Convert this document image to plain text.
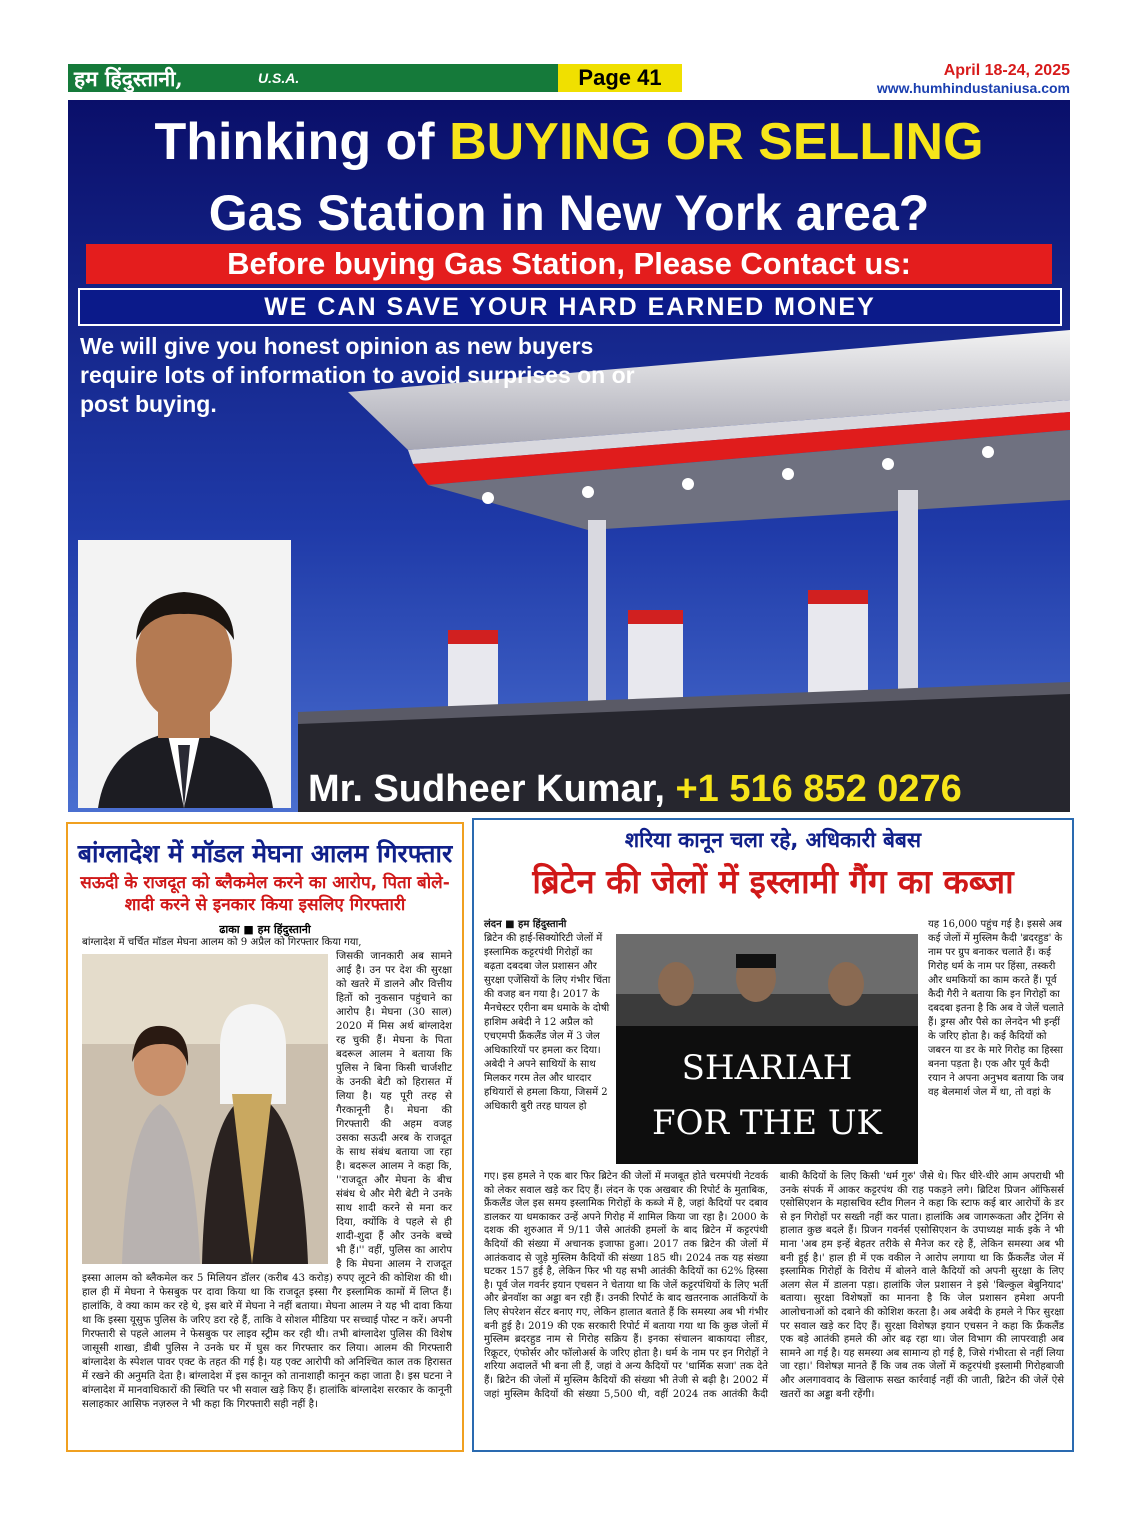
हम हिंदुस्तानी,	U.S.A.	Page 41	April 18-24, 2025
www.humhindustaniusa.com
Thinking of BUYING OR SELLING
Gas Station in New York area?
Before buying Gas Station, Please Contact us:
WE CAN SAVE YOUR HARD EARNED MONEY
We will give you honest opinion as new buyers require lots of information to avoid surprises on or post buying.
Mr. Sudheer Kumar, +1 516 852 0276
बांग्लादेश में मॉडल मेघना आलम गिरफ्तार
सऊदी के राजदूत को ब्लैकमेल करने का आरोप, पिता बोले- शादी करने से इनकार किया इसलिए गिरफ्तारी
ढाका ■ हम हिंदुस्तानी
बांग्लादेश में चर्चित मॉडल मेघना आलम को 9 अप्रैल को गिरफ्तार किया गया,
जिसकी जानकारी अब सामने आई है। उन पर देश की सुरक्षा को खतरे में डालने और वित्तीय हितों को नुकसान पहुंचाने का आरोप है। मेघना (30 साल) 2020 में मिस अर्थ बांग्लादेश रह चुकी हैं। मेघना के पिता बदरूल आलम ने बताया कि पुलिस ने बिना किसी चार्जशीट के उनकी बेटी को हिरासत में लिया है। यह पूरी तरह से गैरकानूनी है। मेघना की गिरफ्तारी की अहम वजह उसका सऊदी अरब के राजदूत के साथ संबंध बताया जा रहा है। बदरूल आलम ने कहा कि, ''राजदूत और मेघना के बीच संबंध थे और मेरी बेटी ने उनके साथ शादी करने से मना कर दिया, क्योंकि वे पहले से ही शादी-शुदा हैं और उनके बच्चे भी हैं।'' वहीं, पुलिस का आरोप है कि मेघना आलम ने राजदूत इस्सा आलम को ब्लैकमेल कर 5 मिलियन डॉलर (करीब 43 करोड़) रुपए लूटने की कोशिश की थी। हाल ही में मेघना ने फेसबुक पर दावा किया था कि राजदूत इस्सा गैर इस्लामिक कामों में लिप्त हैं। हालांकि, वे क्या काम कर रहे थे, इस बारे में मेघना ने नहीं बताया। मेघना आलम ने यह भी दावा किया था कि इस्सा यूसुफ पुलिस के जरिए डरा रहे हैं, ताकि वे सोशल मीडिया पर सच्चाई पोस्ट न करें। अपनी गिरफ्तारी से पहले आलम ने फेसबुक पर लाइव स्ट्रीम कर रही थी। तभी बांग्लादेश पुलिस की विशेष जासूसी शाखा, डीबी पुलिस ने उनके घर में घुस कर गिरफ्तार कर लिया। आलम की गिरफ्तारी बांग्लादेश के स्पेशल पावर एक्ट के तहत की गई है। यह एक्ट आरोपी को अनिश्चित काल तक हिरासत में रखने की अनुमति देता है। बांग्लादेश में इस कानून को तानाशाही कानून कहा जाता है। इस घटना ने बांग्लादेश में मानवाधिकारों की स्थिति पर भी सवाल खड़े किए हैं। हालांकि बांग्लादेश सरकार के कानूनी सलाहकार आसिफ नज़रुल ने भी कहा कि गिरफ्तारी सही नहीं है।
शरिया कानून चला रहे, अधिकारी बेबस
ब्रिटेन की जेलों में इस्लामी गैंग का कब्जा
लंदन ■ हम हिंदुस्तानी
ब्रिटेन की हाई-सिक्योरिटी जेलों में इस्लामिक कट्टरपंथी गिरोहों का बढ़ता दबदबा जेल प्रशासन और सुरक्षा एजेंसियों के लिए गंभीर चिंता की वजह बन गया है। 2017 के मैनचेस्टर एरीना बम धमाके के दोषी हाशिम अबेदी ने 12 अप्रैल को एचएमपी फ्रैंकलैंड जेल में 3 जेल अधिकारियों पर हमला कर दिया। अबेदी ने अपने साथियों के साथ मिलकर गरम तेल और धारदार हथियारों से हमला किया, जिसमें 2 अधिकारी बुरी तरह घायल हो
SHARIAH
FOR THE UK
यह 16,000 पहुंच गई है। इससे अब कई जेलों में मुस्लिम कैदी 'ब्रदरहुड' के नाम पर ग्रुप बनाकर चलाते हैं। कई गिरोह धर्म के नाम पर हिंसा, तस्करी और धमकियों का काम करते हैं। पूर्व कैदी गैरी ने बताया कि इन गिरोहों का दबदबा इतना है कि अब वे जेलें चलाते हैं। ड्रग्स और पैसे का लेनदेन भी इन्हीं के जरिए होता है। कई कैदियों को जबरन या डर के मारे गिरोह का हिस्सा बनना पड़ता है। एक और पूर्व कैदी रयान ने अपना अनुभव बताया कि जब वह बेलमार्श जेल में था, तो वहां के
गए। इस हमले ने एक बार फिर ब्रिटेन की जेलों में मजबूत होते चरमपंथी नेटवर्क को लेकर सवाल खड़े कर दिए हैं। लंदन के एक अखबार की रिपोर्ट के मुताबिक, फ्रैंकलैंड जेल इस समय इस्लामिक गिरोहों के कब्जे में है, जहां कैदियों पर दबाव डालकर या धमकाकर उन्हें अपने गिरोह में शामिल किया जा रहा है। 2000 के दशक की शुरुआत में 9/11 जैसे आतंकी हमलों के बाद ब्रिटेन में कट्टरपंथी कैदियों की संख्या में अचानक इजाफा हुआ। 2017 तक ब्रिटेन की जेलों में आतंकवाद से जुड़े मुस्लिम कैदियों की संख्या 185 थी। 2024 तक यह संख्या घटकर 157 हुई है, लेकिन फिर भी यह सभी आतंकी कैदियों का 62% हिस्सा है। पूर्व जेल गवर्नर इयान एचसन ने चेताया था कि जेलें कट्टरपंथियों के लिए भर्ती और ब्रेनवॉश का अड्डा बन रही हैं। उनकी रिपोर्ट के बाद खतरनाक आतंकियों के लिए सेपरेशन सेंटर बनाए गए, लेकिन हालात बताते हैं कि समस्या अब भी गंभीर बनी हुई है। 2019 की एक सरकारी रिपोर्ट में बताया गया था कि कुछ जेलों में मुस्लिम ब्रदरहुड नाम से गिरोह सक्रिय हैं। इनका संचालन बाकायदा लीडर, रिक्रूटर, एंफोर्सर और फॉलोअर्स के जरिए होता है। धर्म के नाम पर इन गिरोहों ने शरिया अदालतें भी बना ली हैं, जहां वे अन्य कैदियों पर 'धार्मिक सजा' तक देते हैं। ब्रिटेन की जेलों में मुस्लिम कैदियों की संख्या भी तेजी से बढ़ी है। 2002 में जहां मुस्लिम कैदियों की संख्या 5,500 थी, वहीं 2024 तक आतंकी कैदी बाकी कैदियों के लिए किसी 'धर्म गुरु' जैसे थे। फिर धीरे-धीरे आम अपराधी भी उनके संपर्क में आकर कट्टरपंथ की राह पकड़ने लगे। ब्रिटिश प्रिजन ऑफिसर्स एसोसिएशन के महासचिव स्टीव गिलन ने कहा कि स्टाफ कई बार आरोपों के डर से इन गिरोहों पर सख्ती नहीं कर पाता। हालांकि अब जागरूकता और ट्रेनिंग से हालात कुछ बदले हैं। प्रिजन गवर्नर्स एसोसिएशन के उपाध्यक्ष मार्क इके ने भी माना 'अब हम इन्हें बेहतर तरीके से मैनेज कर रहे हैं, लेकिन समस्या अब भी बनी हुई है।' हाल ही में एक वकील ने आरोप लगाया था कि फ्रैंकलैंड जेल में इस्लामिक गिरोहों के विरोध में बोलने वाले कैदियों को अपनी सुरक्षा के लिए अलग सेल में डालना पड़ा। हालांकि जेल प्रशासन ने इसे 'बिल्कुल बेबुनियाद' बताया। सुरक्षा विशेषज्ञों का मानना है कि जेल प्रशासन हमेशा अपनी आलोचनाओं को दबाने की कोशिश करता है। अब अबेदी के हमले ने फिर सुरक्षा पर सवाल खड़े कर दिए हैं। सुरक्षा विशेषज्ञ इयान एचसन ने कहा कि फ्रैंकलैंड एक बड़े आतंकी हमले की ओर बढ़ रहा था। जेल विभाग की लापरवाही अब सामने आ गई है। यह समस्या अब सामान्य हो गई है, जिसे गंभीरता से नहीं लिया जा रहा।' विशेषज्ञ मानते हैं कि जब तक जेलों में कट्टरपंथी इस्लामी गिरोहबाजी और अलगाववाद के खिलाफ सख्त कार्रवाई नहीं की जाती, ब्रिटेन की जेलें ऐसे खतरों का अड्डा बनी रहेंगी।
